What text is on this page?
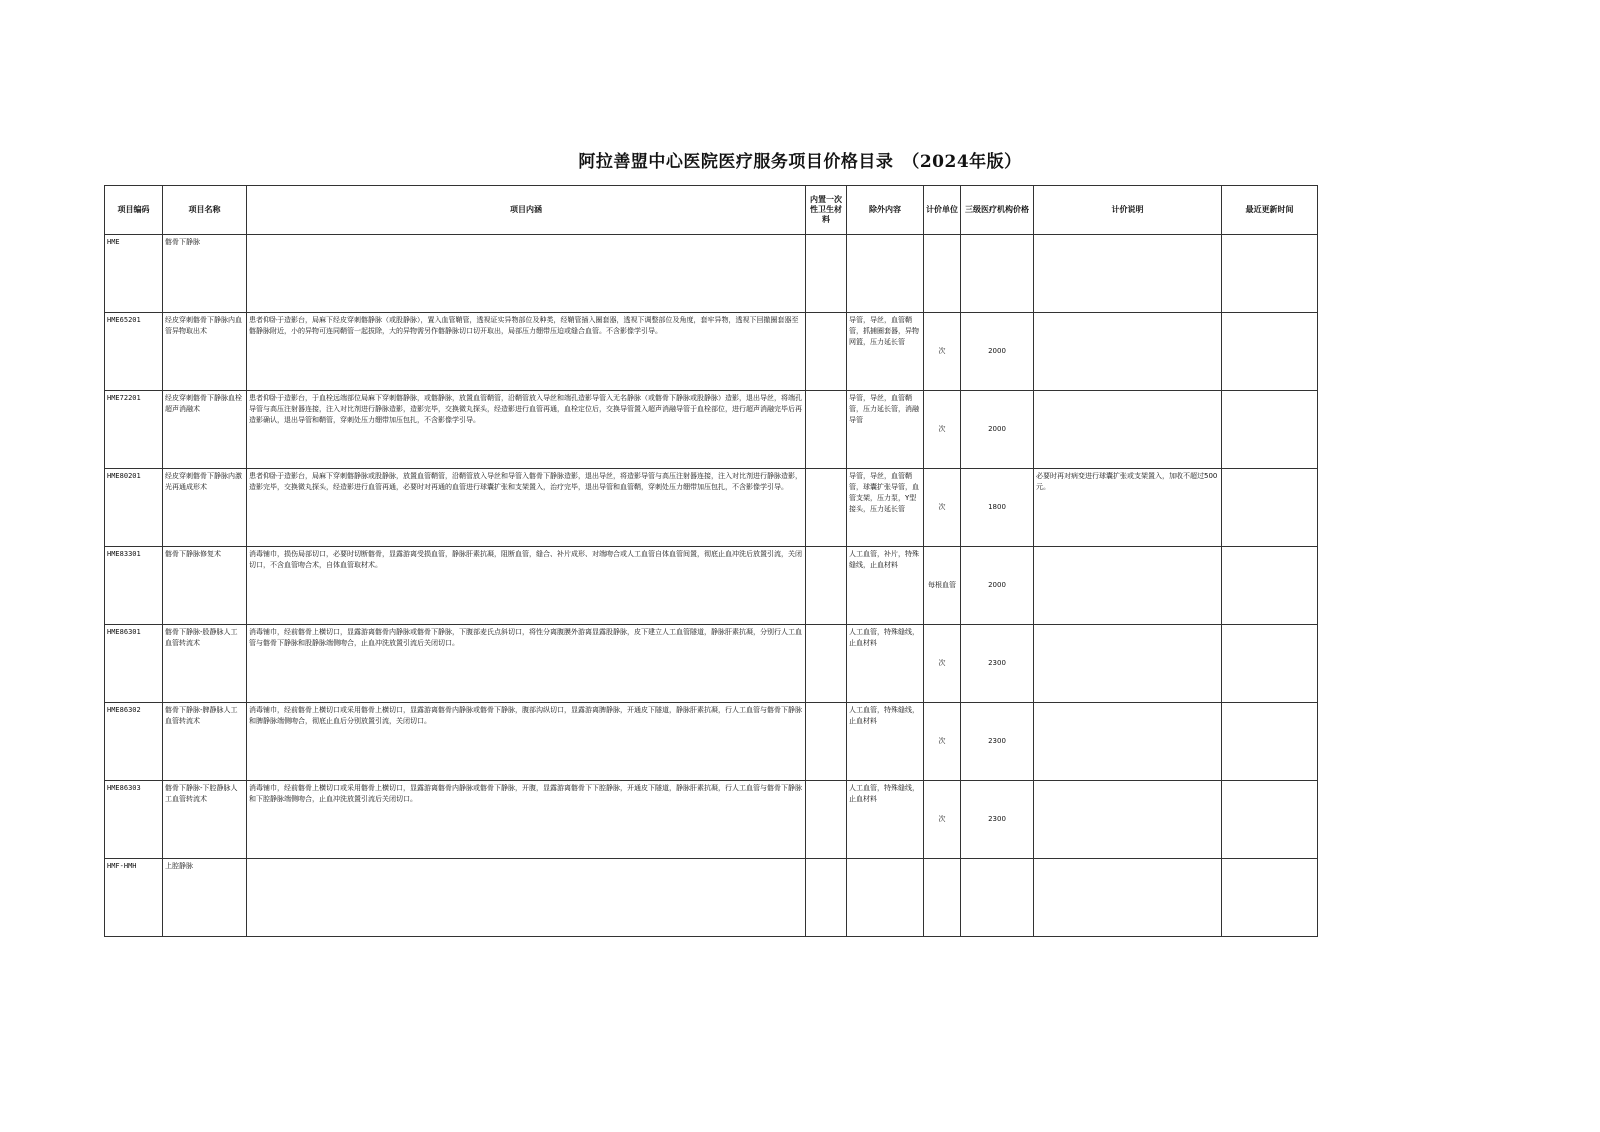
阿拉善盟中心医院医疗服务项目价格目录　（2024年版）
项目编码	项目名称	项目内涵	内置一次性卫生材料	除外内容	计价单位	三级医疗机构价格	计价说明	最近更新时间
HME	髂骨下静脉							
HME65201	经皮穿刺髂骨下静脉内血管异物取出术	患者仰卧于造影台，局麻下经皮穿刺髂静脉（或股静脉），置入血管鞘管，透视证实异物部位及种类，经鞘管插入圈套器，透视下调整部位及角度，套牢异物，透视下回撤圈套器至髂静脉附近，小的异物可连同鞘管一起拔除，大的异物需另作髂静脉切口切开取出，局部压力绷带压迫或缝合血管。不含影像学引导。		导管，导丝，血管鞘管，抓捕圈套器，异物网篮，压力延长管	次	2000		
HME72201	经皮穿刺髂骨下静脉血栓超声消融术	患者仰卧于造影台，于血栓远端部位局麻下穿刺髂静脉，或髂静脉，放置血管鞘管，沿鞘管放入导丝和端孔造影导管入无名静脉（或髂骨下静脉或股静脉）造影，退出导丝，将端孔导管与高压注射器连接，注入对比剂进行静脉造影，造影完毕，交换微丸探头，经造影进行血管再通，血栓定位后，交换导管置入超声消融导管于血栓部位，进行超声消融完毕后再造影确认，退出导管和鞘管，穿刺处压力绷带加压包扎，不含影像学引导。		导管，导丝，血管鞘管，压力延长管，消融导管	次	2000		
HME80201	经皮穿刺髂骨下静脉内激光再通成形术	患者仰卧于造影台，局麻下穿刺髂静脉或股静脉，放置血管鞘管，沿鞘管放入导丝和导管入髂骨下静脉造影，退出导丝，将造影导管与高压注射器连接，注入对比剂进行静脉造影，造影完毕，交换微丸探头，经造影进行血管再通，必要时对再通的血管进行球囊扩张和支架置入，治疗完毕，退出导管和血管鞘，穿刺处压力绷带加压包扎，不含影像学引导。		导管，导丝，血管鞘管，球囊扩张导管，血管支架，压力泵，Y型接头，压力延长管	次	1800	必要时再对病变进行球囊扩张或支架置入，加收不超过500元。	
HME83301	髂骨下静脉修复术	消毒铺巾，损伤局部切口，必要时切断髂骨，显露游离受损血管，静脉肝素抗凝，阻断血管，缝合、补片成形、对端吻合或人工血管自体血管间置，彻底止血冲洗后放置引流，关闭切口，不含血管吻合术，自体血管取材术。		人工血管，补片，特殊缝线，止血材料	每根血管	2000		
HME86301	髂骨下静脉-股静脉人工血管转流术	消毒铺巾，经前髂骨上横切口，显露游离髂骨内静脉或髂骨下静脉，下腹部麦氏点斜切口，将性分离腹膜外游离显露股静脉，皮下建立人工血管隧道，静脉肝素抗凝，分别行人工血管与髂骨下静脉和股静脉端侧吻合，止血冲洗放置引流后关闭切口。		人工血管，特殊缝线，止血材料	次	2300		
HME86302	髂骨下静脉-脾静脉人工血管转流术	消毒铺巾，经前髂骨上横切口或采用髂骨上横切口，显露游离髂骨内静脉或髂骨下静脉，腹部沟纵切口，显露游离脾静脉，开通皮下隧道，静脉肝素抗凝，行人工血管与髂骨下静脉和脾静脉端侧吻合，彻底止血后分别放置引流，关闭切口。		人工血管，特殊缝线，止血材料	次	2300		
HME86303	髂骨下静脉-下腔静脉人工血管转流术	消毒铺巾，经前髂骨上横切口或采用髂骨上横切口，显露游离髂骨内静脉或髂骨下静脉，开腹，显露游离髂骨下下腔静脉，开通皮下隧道，静脉肝素抗凝，行人工血管与髂骨下静脉和下腔静脉端侧吻合，止血冲洗放置引流后关闭切口。		人工血管，特殊缝线，止血材料	次	2300		
HMF-HMH	上腔静脉							
